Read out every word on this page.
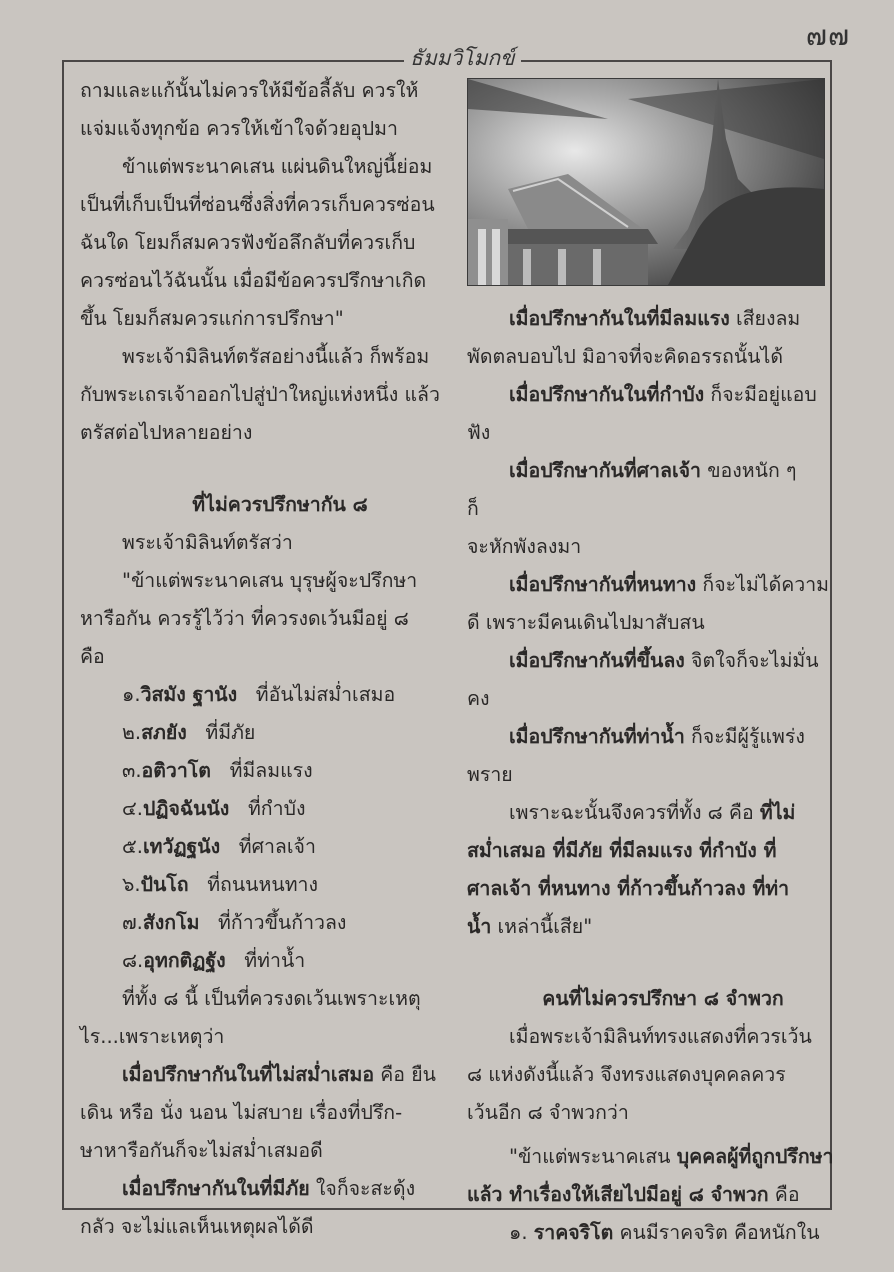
๗๗
ธัมมวิโมกข์

ถามและแก้นั้นไม่ควรให้มีข้อลี้ลับ ควรให้

แจ่มแจ้งทุกข้อ ควรให้เข้าใจด้วยอุปมา

ข้าแต่พระนาคเสน แผ่นดินใหญ่นี้ย่อม

เป็นที่เก็บเป็นที่ซ่อนซึ่งสิ่งที่ควรเก็บควรซ่อน

ฉันใด โยมก็สมควรฟังข้อลึกลับที่ควรเก็บ

ควรซ่อนไว้ฉันนั้น เมื่อมีข้อควรปรึกษาเกิด

ขึ้น โยมก็สมควรแก่การปรึกษา"

พระเจ้ามิลินท์ตรัสอย่างนี้แล้ว ก็พร้อม

กับพระเถรเจ้าออกไปสู่ป่าใหญ่แห่งหนึ่ง แล้ว

ตรัสต่อไปหลายอย่าง

ที่ไม่ควรปรึกษากัน ๘

พระเจ้ามิลินท์ตรัสว่า

"ข้าแต่พระนาคเสน บุรุษผู้จะปรึกษา

หารือกัน ควรรู้ไว้ว่า ที่ควรงดเว้นมีอยู่ ๘

คือ

๑.วิสมัง ฐานัง ที่อันไม่สม่ำเสมอ

๒.สภยัง ที่มีภัย

๓.อติวาโต ที่มีลมแรง

๔.ปฏิจฉันนัง ที่กำบัง

๕.เทวัฏฐนัง ที่ศาลเจ้า

๖.ปันโถ ที่ถนนหนทาง

๗.สังกโม ที่ก้าวขึ้นก้าวลง

๘.อุทกติฏฐัง ที่ท่าน้ำ

ที่ทั้ง ๘ นี้ เป็นที่ควรงดเว้นเพราะเหตุ

ไร...เพราะเหตุว่า

เมื่อปรึกษากันในที่ไม่สม่ำเสมอ คือ ยืน

เดิน หรือ นั่ง นอน ไม่สบาย เรื่องที่ปรึก-

ษาหารือกันก็จะไม่สม่ำเสมอดี

เมื่อปรึกษากันในที่มีภัย ใจก็จะสะดุ้ง

กลัว จะไม่แลเห็นเหตุผลได้ดี

เมื่อปรึกษากันในที่มีลมแรง เสียงลม

พัดตลบอบไป มิอาจที่จะคิดอรรถนั้นได้

เมื่อปรึกษากันในที่กำบัง ก็จะมีอยู่แอบ

ฟัง

เมื่อปรึกษากันที่ศาลเจ้า ของหนัก ๆ

ก็

จะหักพังลงมา

เมื่อปรึกษากันที่หนทาง ก็จะไม่ได้ความ

ดี เพราะมีคนเดินไปมาสับสน

เมื่อปรึกษากันที่ขึ้นลง จิตใจก็จะไม่มั่น

คง

เมื่อปรึกษากันที่ท่าน้ำ ก็จะมีผู้รู้แพร่ง

พราย

เพราะฉะนั้นจึงควรที่ทั้ง ๘ คือ ที่ไม่

สม่ำเสมอ ที่มีภัย ที่มีลมแรง ที่กำบัง ที่

ศาลเจ้า ที่หนทาง ที่ก้าวขึ้นก้าวลง ที่ท่า

น้ำ เหล่านี้เสีย"

คนที่ไม่ควรปรึกษา ๘ จำพวก

เมื่อพระเจ้ามิลินท์ทรงแสดงที่ควรเว้น

๘ แห่งดังนี้แล้ว จึงทรงแสดงบุคคลควร

เว้นอีก ๘ จำพวกว่า

"ข้าแต่พระนาคเสน บุคคลผู้ที่ถูกปรึกษา

แล้ว ทำเรื่องให้เสียไปมีอยู่ ๘ จำพวก คือ

๑. ราคจริโต คนมีราคจริต คือหนักใน
